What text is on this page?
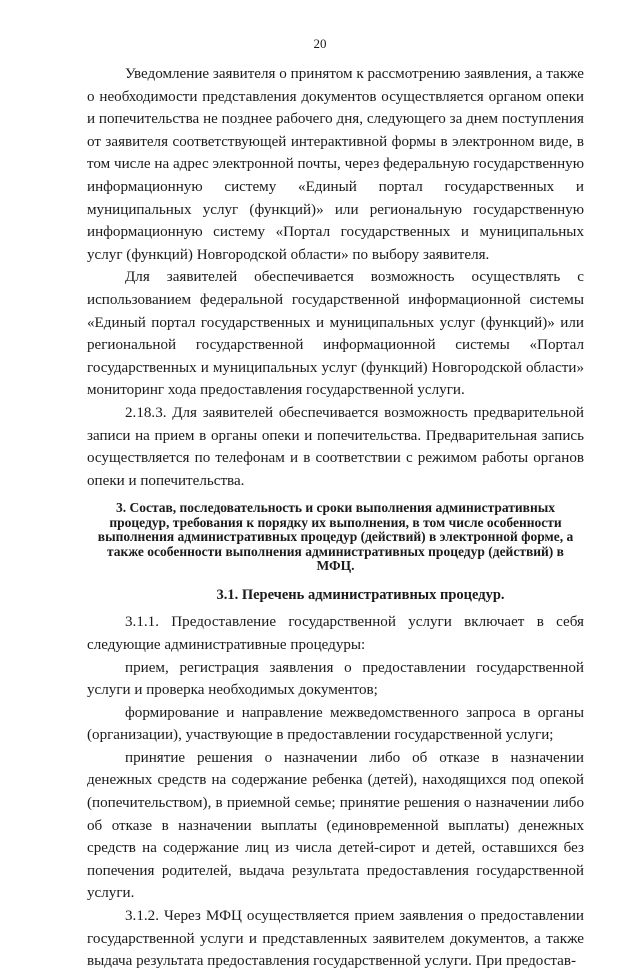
20

Уведомление заявителя о принятом к рассмотрению заявления, а также о необходимости представления документов осуществляется органом опеки и попечительства не позднее рабочего дня, следующего за днем поступления от заявителя соответствующей интерактивной формы в электронном виде, в том числе на адрес электронной почты, через федеральную государственную информационную систему «Единый портал государственных и муниципальных услуг (функций)» или региональную государственную информационную систему «Портал государственных и муниципальных услуг (функций) Новгородской области» по выбору заявителя.

Для заявителей обеспечивается возможность осуществлять с использованием федеральной государственной информационной системы «Единый портал государственных и муниципальных услуг (функций)» или региональной государственной информационной системы «Портал государственных и муниципальных услуг (функций) Новгородской области» мониторинг хода предоставления государственной услуги.

2.18.3. Для заявителей обеспечивается возможность предварительной записи на прием в органы опеки и попечительства. Предварительная запись осуществляется по телефонам и в соответствии с режимом работы органов опеки и попечительства.

3. Состав, последовательность и сроки выполнения административных процедур, требования к порядку их выполнения, в том числе особенности выполнения административных процедур (действий) в электронной форме, а также особенности выполнения административных процедур (действий) в МФЦ.
3.1. Перечень административных процедур.

3.1.1. Предоставление государственной услуги включает в себя следующие административные процедуры:

прием, регистрация заявления о предоставлении государственной услуги и проверка необходимых документов;

формирование и направление межведомственного запроса в органы (организации), участвующие в предоставлении государственной услуги;

принятие решения о назначении либо об отказе в назначении денежных средств на содержание ребенка (детей), находящихся под опекой (попечительством), в приемной семье; принятие решения о назначении либо об отказе в назначении выплаты (единовременной выплаты) денежных средств на содержание лиц из числа детей-сирот и детей, оставшихся без попечения родителей, выдача результата предоставления государственной услуги.

3.1.2. Через МФЦ осуществляется прием заявления о предоставлении государственной услуги и представленных заявителем документов, а также выдача результата предоставления государственной услуги. При предостав-
